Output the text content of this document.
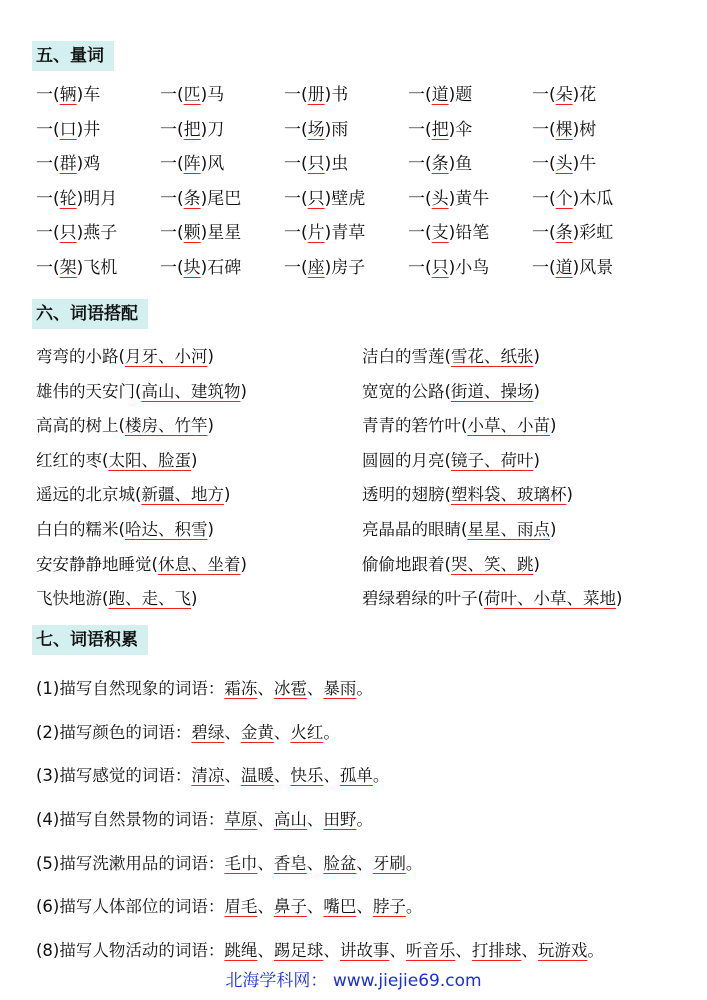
五、量词
一(辆)车	一(匹)马	一(册)书	一(道)题	一(朵)花
一(口)井	一(把)刀	一(场)雨	一(把)伞	一(棵)树
一(群)鸡	一(阵)风	一(只)虫	一(条)鱼	一(头)牛
一(轮)明月	一(条)尾巴	一(只)壁虎	一(头)黄牛	一(个)木瓜
一(只)燕子	一(颗)星星	一(片)青草	一(支)铅笔	一(条)彩虹
一(架)飞机	一(块)石碑	一(座)房子	一(只)小鸟	一(道)风景
六、词语搭配
弯弯的小路(月牙、小河)	洁白的雪莲(雪花、纸张)
雄伟的天安门(高山、建筑物)	宽宽的公路(街道、操场)
高高的树上(楼房、竹竿)	青青的箬竹叶(小草、小苗)
红红的枣(太阳、脸蛋)	圆圆的月亮(镜子、荷叶)
遥远的北京城(新疆、地方)	透明的翅膀(塑料袋、玻璃杯)
白白的糯米(哈达、积雪)	亮晶晶的眼睛(星星、雨点)
安安静静地睡觉(休息、坐着)	偷偷地跟着(哭、笑、跳)
飞快地游(跑、走、飞)	碧绿碧绿的叶子(荷叶、小草、菜地)
七、词语积累
(1)描写自然现象的词语：霜冻、冰雹、暴雨。
(2)描写颜色的词语：碧绿、金黄、火红。
(3)描写感觉的词语：清凉、温暖、快乐、孤单。
(4)描写自然景物的词语：草原、高山、田野。
(5)描写洗漱用品的词语：毛巾、香皂、脸盆、牙刷。
(6)描写人体部位的词语：眉毛、鼻子、嘴巴、脖子。
(8)描写人物活动的词语：跳绳、踢足球、讲故事、听音乐、打排球、玩游戏。
北海学科网： www.jiejie69.com
